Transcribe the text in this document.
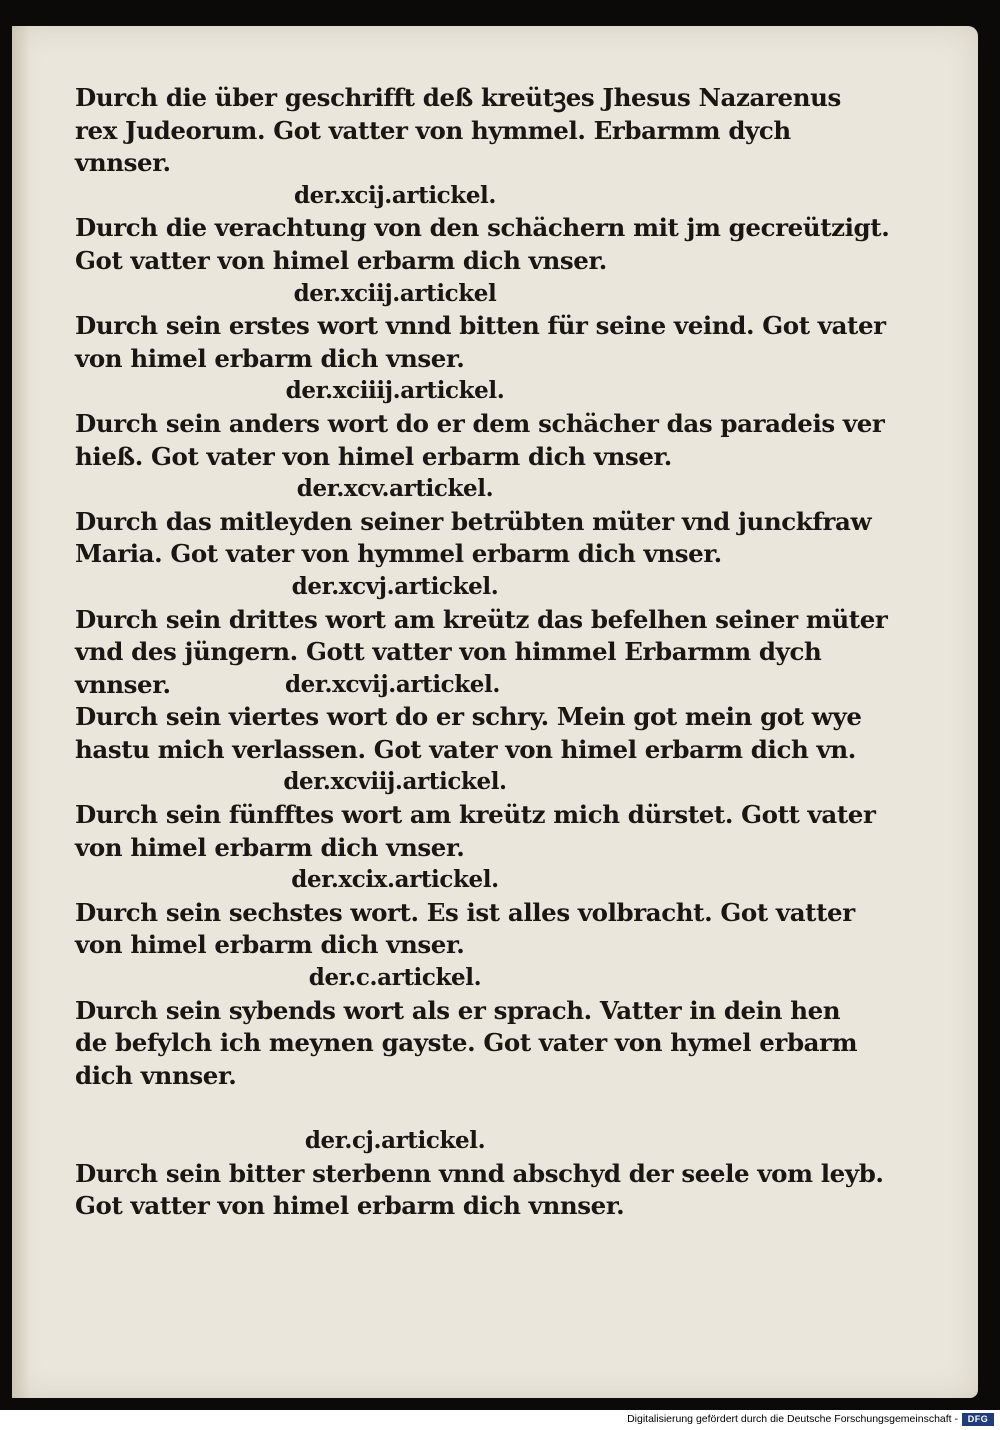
Durch die über geschrifft deß kreütꝫes Jhesus Nazarenus
rex Judeorum. Got vatter von hymmel. Erbarmm dych
vnnser.
der.xcij.artickel.
Durch die verachtung von den schächern mit jm gecreützigt.
Got vatter von himel erbarm dich vnser.
der.xciij.artickel
Durch sein erstes wort vnnd bitten für seine veind. Got vater
von himel erbarm dich vnser.
der.xciiij.artickel.
Durch sein anders wort do er dem schächer das paradeis ver
hieß. Got vater von himel erbarm dich vnser.
der.xcv.artickel.
Durch das mitleyden seiner betrübten müter vnd junckfraw
Maria. Got vater von hymmel erbarm dich vnser.
der.xcvj.artickel.
Durch sein drittes wort am kreütz das befelhen seiner müter
vnd des jüngern. Gott vatter von himmel Erbarmm dych
vnnser.	der.xcvij.artickel.
Durch sein viertes wort do er schry. Mein got mein got wye
hastu mich verlassen. Got vater von himel erbarm dich vn.
der.xcviij.artickel.
Durch sein fünfftes wort am kreütz mich dürstet. Gott vater
von himel erbarm dich vnser.
der.xcix.artickel.
Durch sein sechstes wort. Es ist alles volbracht. Got vatter
von himel erbarm dich vnser.
der.c.artickel.
Durch sein sybends wort als er sprach. Vatter in dein hen
de befylch ich meynen gayste. Got vater von hymel erbarm
dich vnnser.
der.cj.artickel.
Durch sein bitter sterbenn vnnd abschyd der seele vom leyb.
Got vatter von himel erbarm dich vnnser.
Digitalisierung gefördert durch die Deutsche Forschungsgemeinschaft -	DFG
